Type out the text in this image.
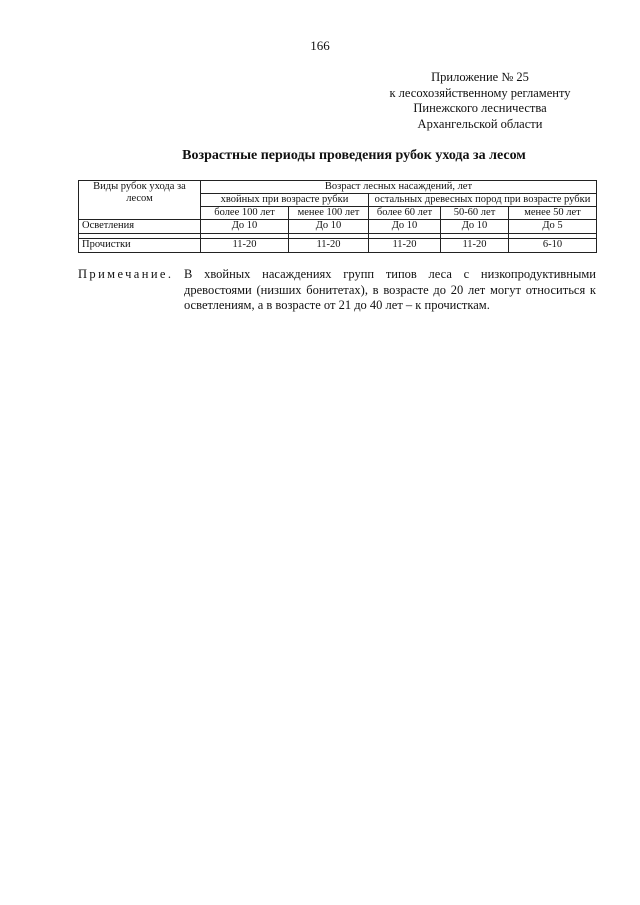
166
Приложение № 25
к лесохозяйственному регламенту
Пинежского лесничества
Архангельской области
Возрастные периоды проведения рубок ухода за лесом
Виды рубок ухода за лесом	Возраст лесных насаждений, лет				
	хвойных при возрасте рубки		остальных древесных пород при возрасте рубки		
	более 100 лет	менее 100 лет	более 60 лет	50-60 лет	менее 50 лет
Осветления	До 10	До 10	До 10	До 10	До 5

Прочистки	11-20	11-20	11-20	11-20	6-10
Примечание. В хвойных насаждениях групп типов леса с низкопродуктивными древостоями (низших бонитетах), в возрасте до 20 лет могут относиться к осветлениям, а в возрасте от 21 до 40 лет – к прочисткам.
